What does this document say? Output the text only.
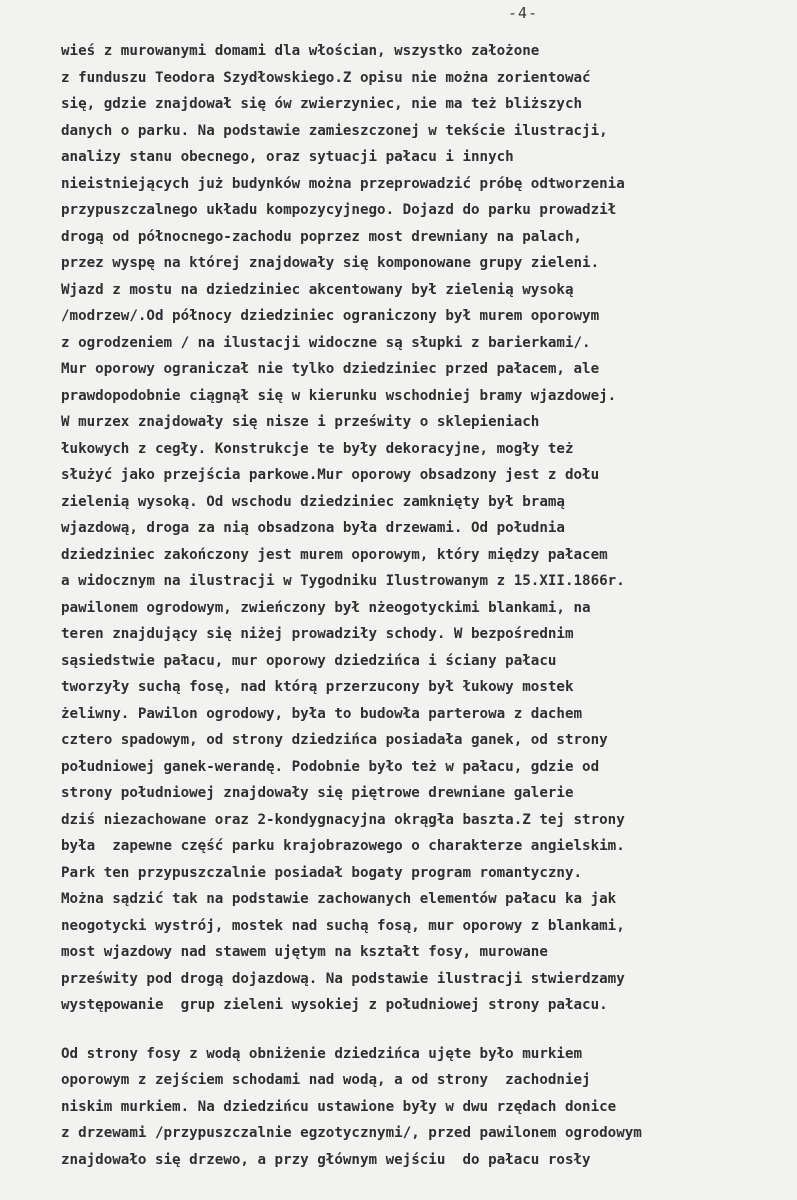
-4-
wieś z murowanymi domami dla włościan, wszystko założone
z funduszu Teodora Szydłowskiego.Z opisu nie można zorientować
się, gdzie znajdował się ów zwierzyniec, nie ma też bliższych
danych o parku. Na podstawie zamieszczonej w tekście ilustracji,
analizy stanu obecnego, oraz sytuacji pałacu i innych
nieistniejących już budynków można przeprowadzić próbę odtworzenia
przypuszczalnego układu kompozycyjnego. Dojazd do parku prowadził
drogą od północnego-zachodu poprzez most drewniany na palach,
przez wyspę na której znajdowały się komponowane grupy zieleni.
Wjazd z mostu na dziedziniec akcentowany był zielenią wysoką
/modrzew/.Od północy dziedziniec ograniczony był murem oporowym
z ogrodzeniem / na ilustacji widoczne są słupki z barierkami/.
Mur oporowy ograniczał nie tylko dziedziniec przed pałacem, ale
prawdopodobnie ciągnął się w kierunku wschodniej bramy wjazdowej.
W murzex znajdowały się nisze i prześwity o sklepieniach
łukowych z cegły. Konstrukcje te były dekoracyjne, mogły też
służyć jako przejścia parkowe.Mur oporowy obsadzony jest z dołu
zielenią wysoką. Od wschodu dziedziniec zamknięty był bramą
wjazdową, droga za nią obsadzona była drzewami. Od południa
dziedziniec zakończony jest murem oporowym, który między pałacem
a widocznym na ilustracji w Tygodniku Ilustrowanym z 15.XII.1866r.
pawilonem ogrodowym, zwieńczony był nżeogotyckimi blankami, na
teren znajdujący się niżej prowadziły schody. W bezpośrednim
sąsiedstwie pałacu, mur oporowy dziedzińca i ściany pałacu
tworzyły suchą fosę, nad którą przerzucony był łukowy mostek
żeliwny. Pawilon ogrodowy, była to budowła parterowa z dachem
cztero spadowym, od strony dziedzińca posiadała ganek, od strony
południowej ganek-werandę. Podobnie było też w pałacu, gdzie od
strony południowej znajdowały się piętrowe drewniane galerie
dziś niezachowane oraz 2-kondygnacyjna okrągła baszta.Z tej strony
była  zapewne część parku krajobrazowego o charakterze angielskim.
Park ten przypuszczalnie posiadał bogaty program romantyczny.
Można sądzić tak na podstawie zachowanych elementów pałacu ka jak
neogotycki wystrój, mostek nad suchą fosą, mur oporowy z blankami,
most wjazdowy nad stawem ujętym na kształt fosy, murowane
prześwity pod drogą dojazdową. Na podstawie ilustracji stwierdzamy
występowanie  grup zieleni wysokiej z południowej strony pałacu.
Od strony fosy z wodą obniżenie dziedzińca ujęte było murkiem
oporowym z zejściem schodami nad wodą, a od strony  zachodniej
niskim murkiem. Na dziedzińcu ustawione były w dwu rzędach donice
z drzewami /przypuszczalnie egzotycznymi/, przed pawilonem ogrodowym
znajdowało się drzewo, a przy głównym wejściu  do pałacu rosły
